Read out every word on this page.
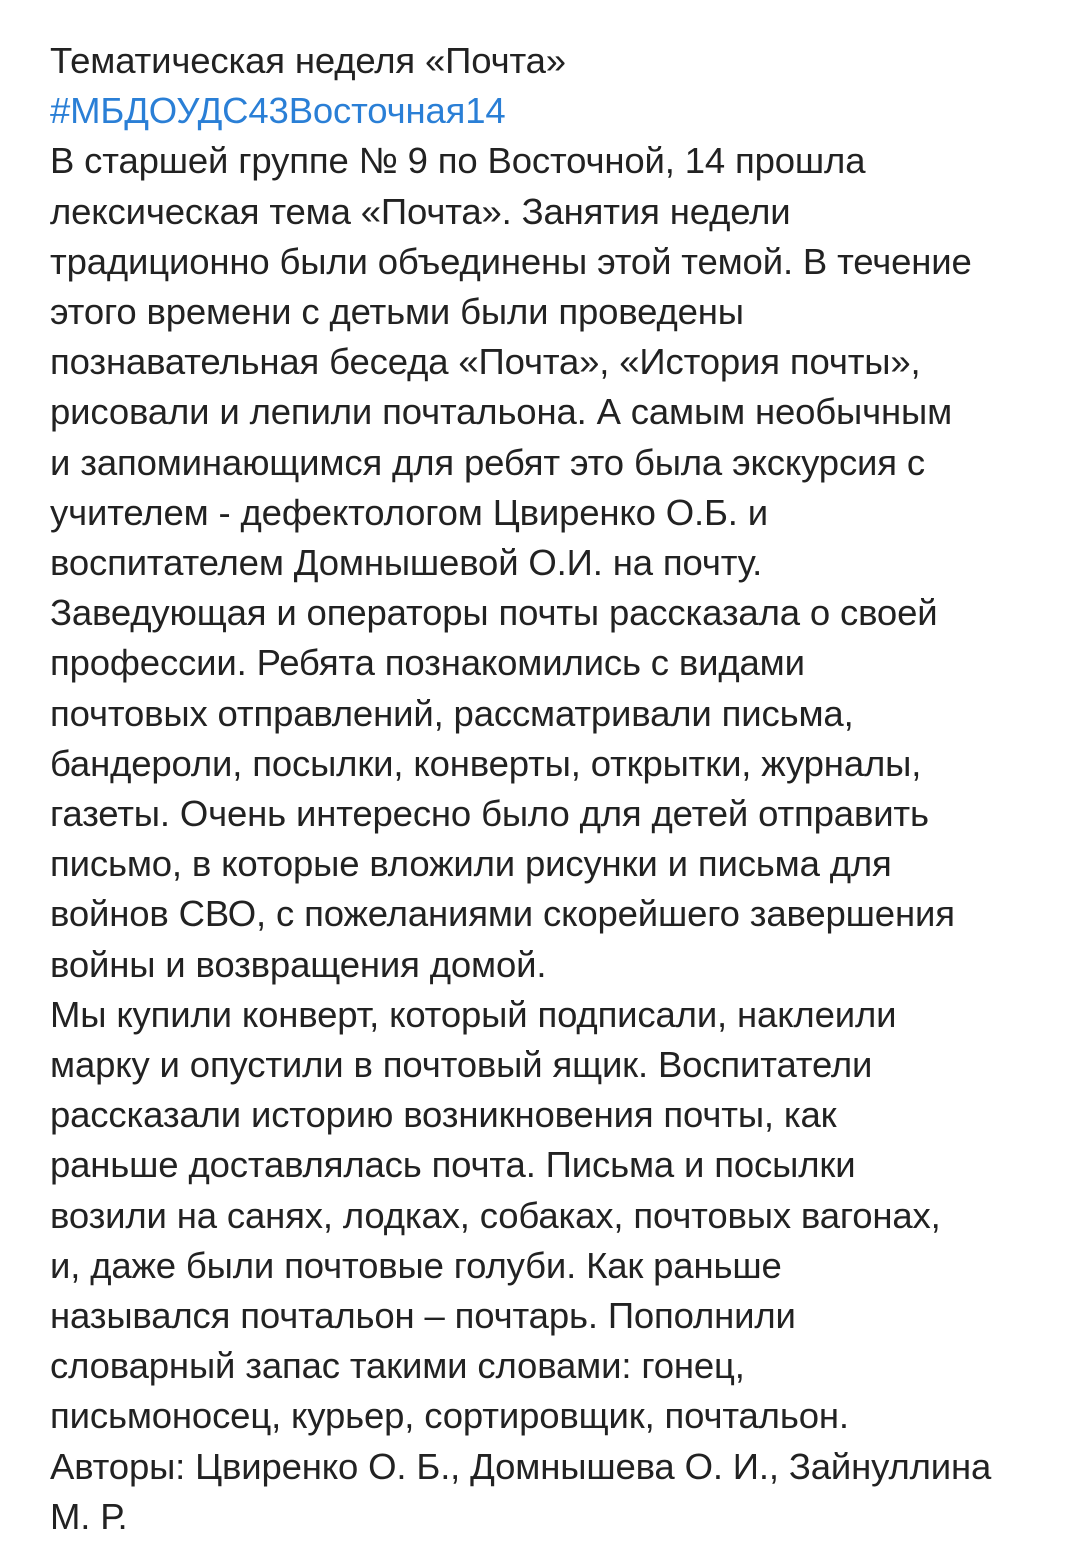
Тематическая неделя «Почта»
#МБДОУДС43Восточная14
В старшей группе № 9 по Восточной, 14 прошла
лексическая тема «Почта». Занятия недели
традиционно были объединены этой темой. В течение
этого времени с детьми были проведены
познавательная беседа «Почта», «История почты»,
рисовали и лепили почтальона. А самым необычным
и запоминающимся для ребят это была экскурсия с
учителем - дефектологом Цвиренко О.Б. и
воспитателем Домнышевой О.И. на почту.
Заведующая и операторы почты рассказала о своей
профессии. Ребята познакомились с видами
почтовых отправлений, рассматривали письма,
бандероли, посылки, конверты, открытки, журналы,
газеты. Очень интересно было для детей отправить
письмо, в которые вложили рисунки и письма для
войнов СВО, с пожеланиями скорейшего завершения
войны и возвращения домой.
Мы купили конверт, который подписали, наклеили
марку и опустили в почтовый ящик. Воспитатели
рассказали историю возникновения почты, как
раньше доставлялась почта. Письма и посылки
возили на санях, лодках, собаках, почтовых вагонах,
и, даже были почтовые голуби. Как раньше
назывался почтальон – почтарь. Пополнили
словарный запас такими словами: гонец,
письмоносец, курьер, сортировщик, почтальон.
Авторы: Цвиренко О. Б., Домнышева О. И., Зайнуллина
М. Р.
